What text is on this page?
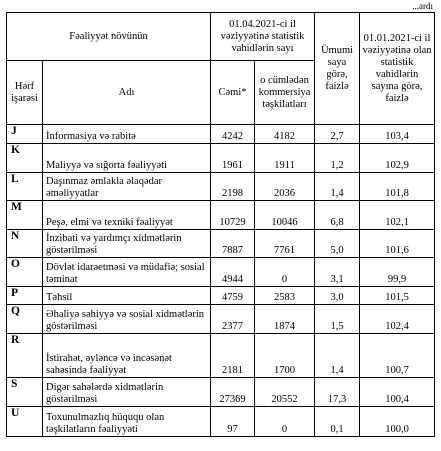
...ardı
Fəaliyyət növünün		01.04.2021-ci il vəziyyətinə statistik vahidlərin sayı		Ümumi saya görə, faizlə	01.01.2021-ci il vəziyyətinə olan statistik vahidlərin sayına görə, faizlə
Hərf işarəsi	Adı	Cəmi*	o cümlədən kommersiya təşkilatları		
J	İnformasiya və rabitə	4242	4182	2,7	103,4
K	Maliyyə və sığorta fəaliyyəti	1961	1911	1,2	102,9
L	Daşınmaz əmlakla əlaqədar əməliyyatlar	2198	2036	1,4	101,8
M	Peşə, elmi və texniki fəaliyyət	10729	10046	6,8	102,1
N	İnzibati və yardımçı xidmətlərin göstərilməsi	7887	7761	5,0	101,6
O	Dövlət idarəetməsi və müdafiə; sosial təminat	4944	0	3,1	99,9
P	Təhsil	4759	2583	3,0	101,5
Q	Əhaliyə səhiyyə və sosial xidmətlərin göstərilməsi	2377	1874	1,5	102,4
R	İstirahət, əyləncə və incəsənət sahəsində fəaliyyət	2181	1700	1,4	100,7
S	Digər sahələrdə xidmətlərin göstərilməsi	27369	20552	17,3	100,4
U	Toxunulmazlıq hüququ olan təşkilatların fəaliyyəti	97	0	0,1	100,0
